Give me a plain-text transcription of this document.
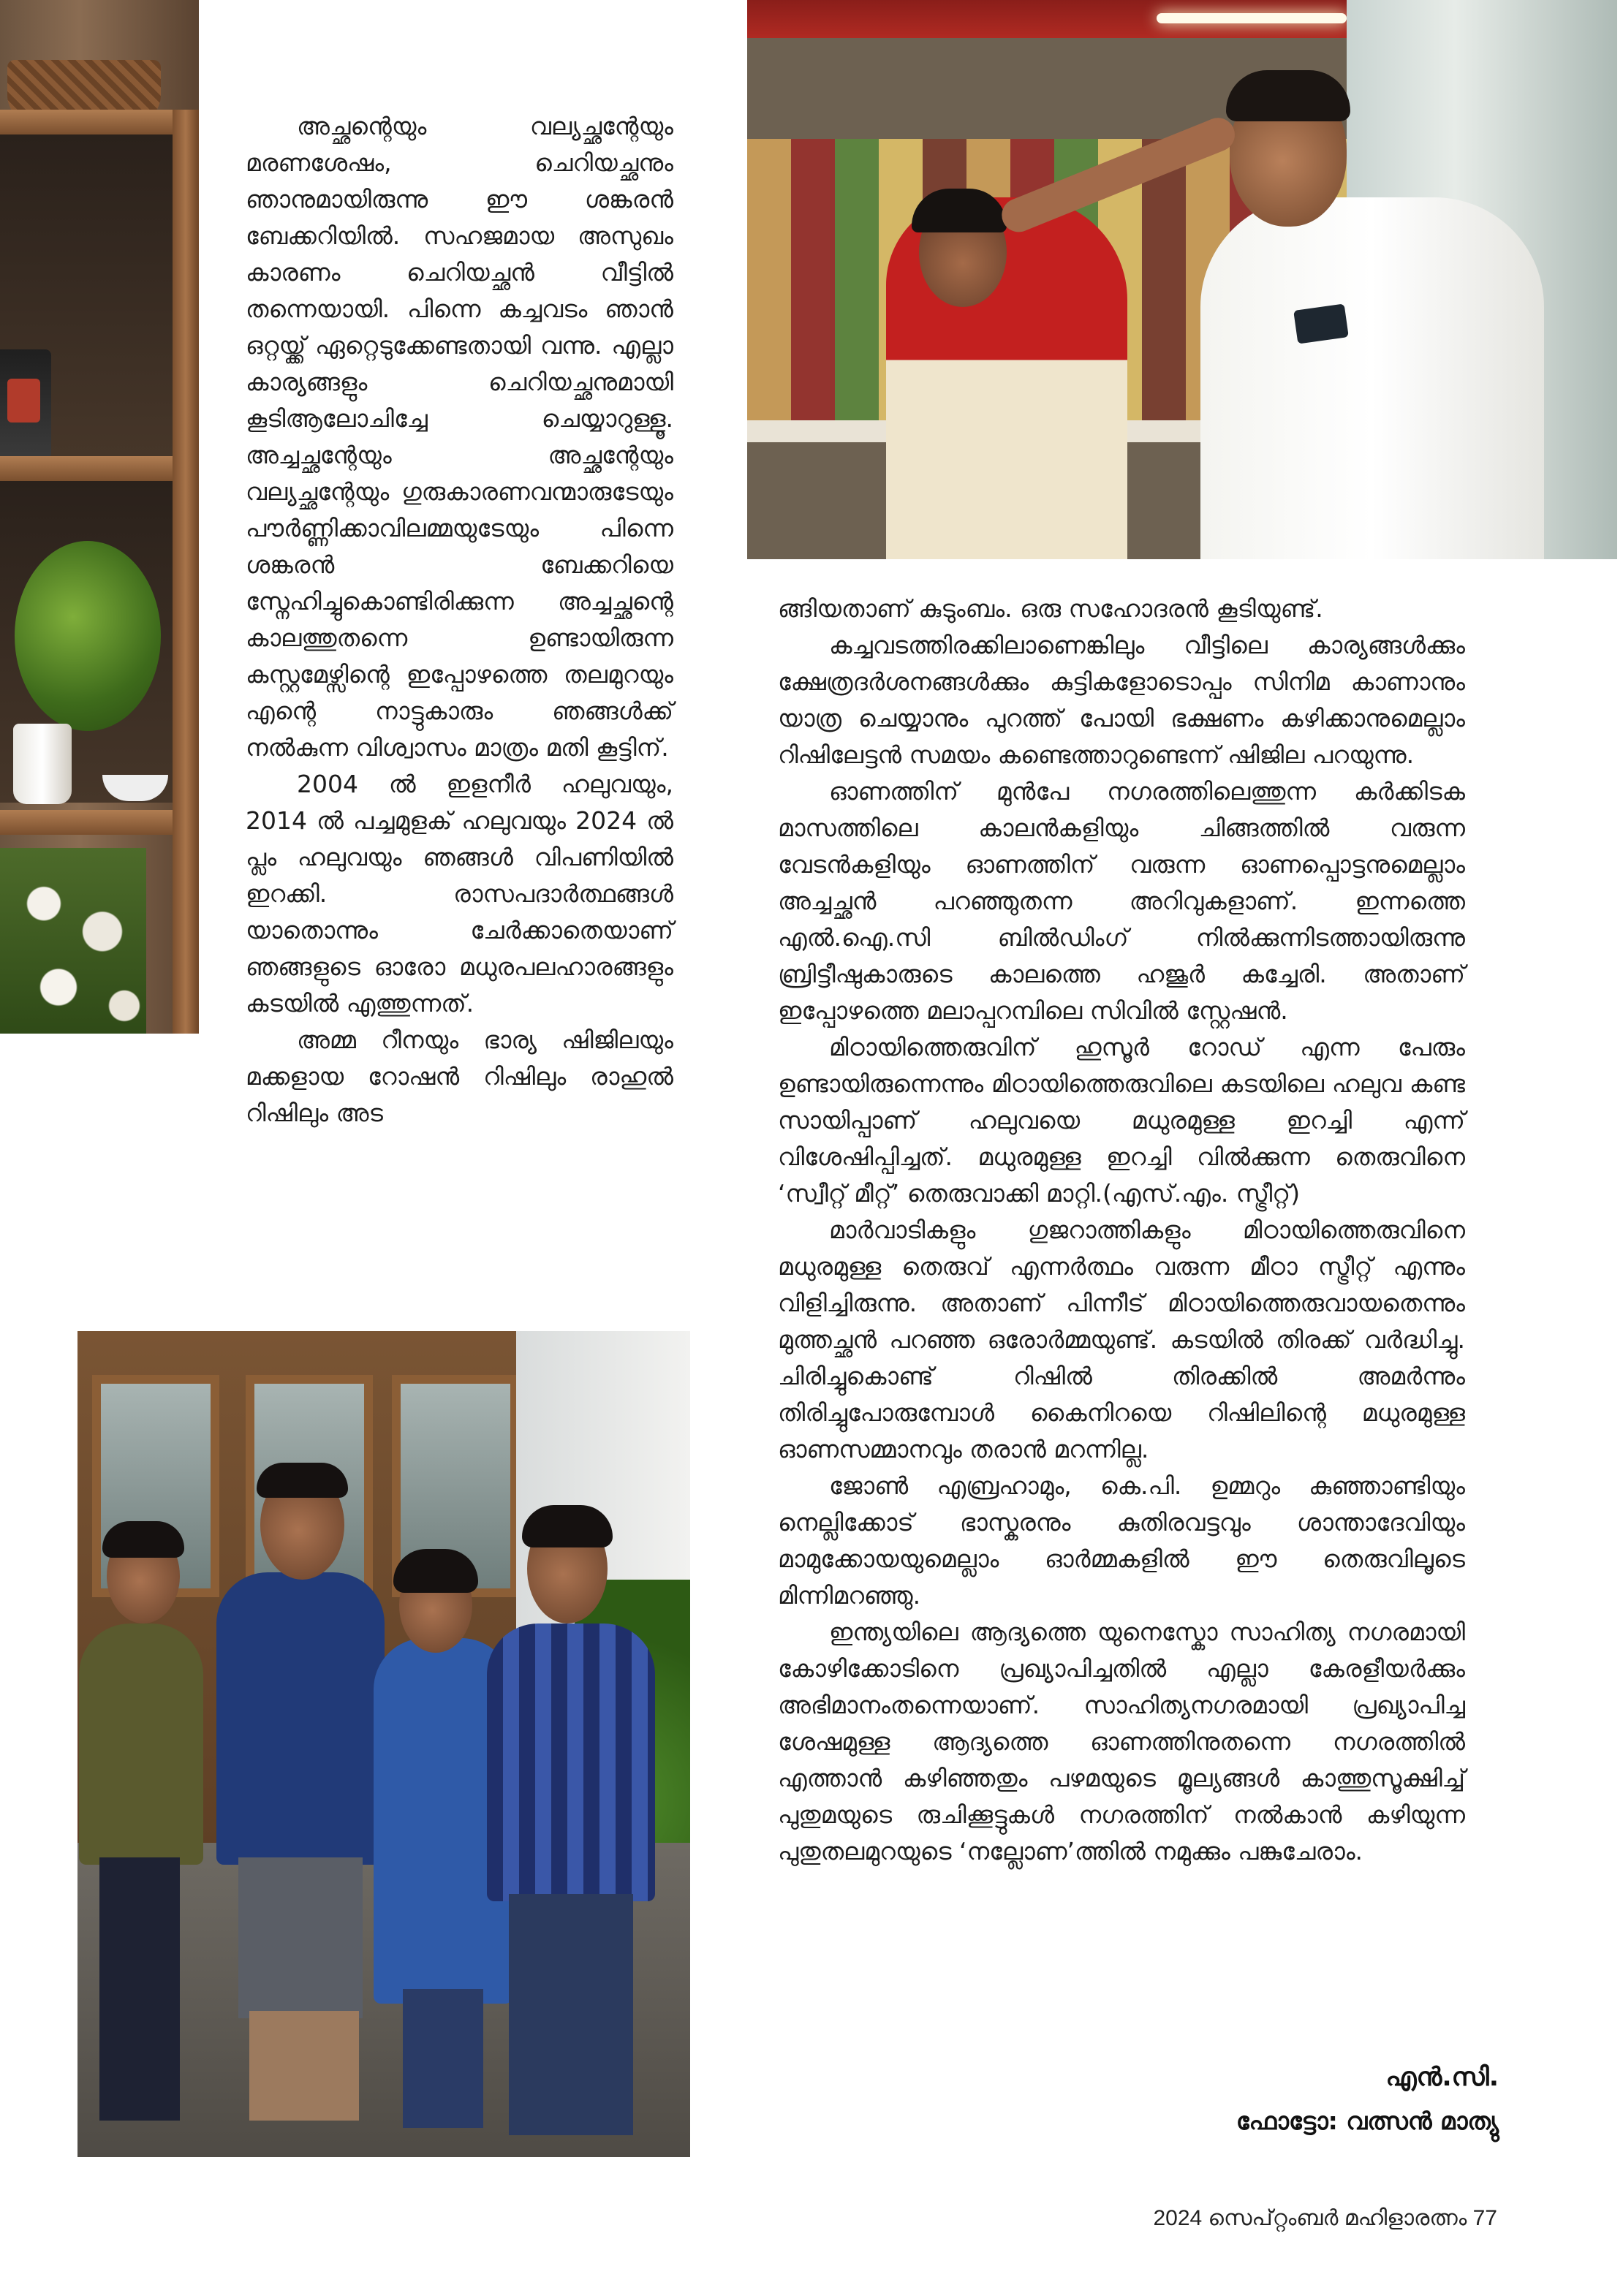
അച്ഛന്റെയും വല്യച്ഛന്റേയും മരണശേഷം, ചെറിയച്ഛനും ഞാനുമായിരുന്നു ഈ ശങ്കരൻ ബേക്കറിയിൽ. സഹജമായ അസുഖം കാരണം ചെറിയച്ഛൻ വീട്ടിൽ തന്നെയായി. പിന്നെ കച്ചവടം ഞാൻ ഒറ്റയ്ക്ക് ഏറ്റെടുക്കേണ്ടതായി വന്നു. എല്ലാ കാര്യങ്ങളും ചെറിയച്ഛനുമായി കൂടിആലോചിച്ചേ ചെയ്യാറുള്ളൂ. അച്ചച്ഛന്റേയും അച്ഛന്റേയും വല്യച്ഛന്റേയും ഗുരുകാരണവന്മാരുടേയും പൗർണ്ണിക്കാവിലമ്മയുടേയും പിന്നെ ശങ്കരൻ ബേക്കറിയെ സ്നേഹിച്ചുകൊണ്ടിരിക്കുന്ന അച്ചച്ഛന്റെ കാലത്തുതന്നെ ഉണ്ടായിരുന്ന കസ്റ്റമേഴ്സിന്റെ ഇപ്പോഴത്തെ തലമുറയും എന്റെ നാട്ടുകാരും ഞങ്ങൾക്ക് നൽകുന്ന വിശ്വാസം മാത്രം മതി കൂട്ടിന്.

2004 ൽ ഇളനീർ ഹലുവയും, 2014 ൽ പച്ചമുളക് ഹലുവയും 2024 ൽ പ്ലം ഹലുവയും ഞങ്ങൾ വിപണിയിൽ ഇറക്കി. രാസപദാർത്ഥങ്ങൾ യാതൊന്നും ചേർക്കാതെയാണ് ഞങ്ങളുടെ ഓരോ മധുരപലഹാരങ്ങളും കടയിൽ എത്തുന്നത്.

അമ്മ റീനയും ഭാര്യ ഷിജിലയും മക്കളായ റോഷൻ റിഷിലും രാഹുൽ റിഷിലും അട

ങ്ങിയതാണ് കുടുംബം. ഒരു സഹോദരൻ കൂടിയുണ്ട്.

കച്ചവടത്തിരക്കിലാണെങ്കിലും വീട്ടിലെ കാര്യങ്ങൾക്കും ക്ഷേത്രദർശനങ്ങൾക്കും കുട്ടികളോടൊപ്പം സിനിമ കാണാനും യാത്ര ചെയ്യാനും പുറത്ത് പോയി ഭക്ഷണം കഴിക്കാനുമെല്ലാം റിഷിലേട്ടൻ സമയം കണ്ടെത്താറുണ്ടെന്ന് ഷിജില പറയുന്നു.

ഓണത്തിന് മുൻപേ നഗരത്തിലെത്തുന്ന കർക്കിടക മാസത്തിലെ കാലൻകളിയും ചിങ്ങത്തിൽ വരുന്ന വേടൻകളിയും ഓണത്തിന് വരുന്ന ഓണപ്പൊട്ടനുമെല്ലാം അച്ചച്ഛൻ പറഞ്ഞുതന്ന അറിവുകളാണ്. ഇന്നത്തെ എൽ.ഐ.സി ബിൽഡിംഗ് നിൽക്കുന്നിടത്തായിരുന്നു ബ്രിട്ടീഷുകാരുടെ കാലത്തെ ഹജൂർ കച്ചേരി. അതാണ് ഇപ്പോഴത്തെ മലാപ്പറമ്പിലെ സിവിൽ സ്റ്റേഷൻ.

മിഠായിത്തെരുവിന് ഹുസൂർ റോഡ് എന്ന പേരും ഉണ്ടായിരുന്നെന്നും മിഠായിത്തെരുവിലെ കടയിലെ ഹലുവ കണ്ട സായിപ്പാണ് ഹലുവയെ മധുരമുള്ള ഇറച്ചി എന്ന് വിശേഷിപ്പിച്ചത്. മധുരമുള്ള ഇറച്ചി വിൽക്കുന്ന തെരുവിനെ ‘സ്വീറ്റ് മീറ്റ്’ തെരുവാക്കി മാറ്റി.(എസ്.എം. സ്ട്രീറ്റ്)

മാർവാടികളും ഗുജറാത്തികളും മിഠായിത്തെരുവിനെ മധുരമുള്ള തെരുവ് എന്നർത്ഥം വരുന്ന മീഠാ സ്ട്രീറ്റ് എന്നും വിളിച്ചിരുന്നു. അതാണ് പിന്നീട് മിഠായിത്തെരുവായതെന്നും മുത്തച്ഛൻ പറഞ്ഞ ഒരോർമ്മയുണ്ട്. കടയിൽ തിരക്ക് വർദ്ധിച്ചു. ചിരിച്ചുകൊണ്ട് റിഷിൽ തിരക്കിൽ അമർന്നും തിരിച്ചുപോരുമ്പോൾ കൈനിറയെ റിഷിലിന്റെ മധുരമുള്ള ഓണസമ്മാനവും തരാൻ മറന്നില്ല.

ജോൺ എബ്രഹാമും, കെ.പി. ഉമ്മറും കുഞ്ഞാണ്ടിയും നെല്ലിക്കോട് ഭാസ്കരനും കുതിരവട്ടവും ശാന്താദേവിയും മാമുക്കോയയുമെല്ലാം ഓർമ്മകളിൽ ഈ തെരുവിലൂടെ മിന്നിമറഞ്ഞു.

ഇന്ത്യയിലെ ആദ്യത്തെ യുനെസ്കോ സാഹിത്യ നഗരമായി കോഴിക്കോടിനെ പ്രഖ്യാപിച്ചതിൽ എല്ലാ കേരളീയർക്കും അഭിമാനംതന്നെയാണ്. സാഹിത്യനഗരമായി പ്രഖ്യാപിച്ച ശേഷമുള്ള ആദ്യത്തെ ഓണത്തിനുതന്നെ നഗരത്തിൽ എത്താൻ കഴിഞ്ഞതും പഴമയുടെ മൂല്യങ്ങൾ കാത്തുസൂക്ഷിച്ച് പുതുമയുടെ രുചിക്കൂട്ടുകൾ നഗരത്തിന് നൽകാൻ കഴിയുന്ന പുതുതലമുറയുടെ ‘നല്ലോണ’ത്തിൽ നമുക്കും പങ്കുചേരാം.

എൻ.സി.
ഫോട്ടോ: വത്സൻ മാത്യു
2024 സെപ്റ്റംബർ മഹിളാരത്നം 77
